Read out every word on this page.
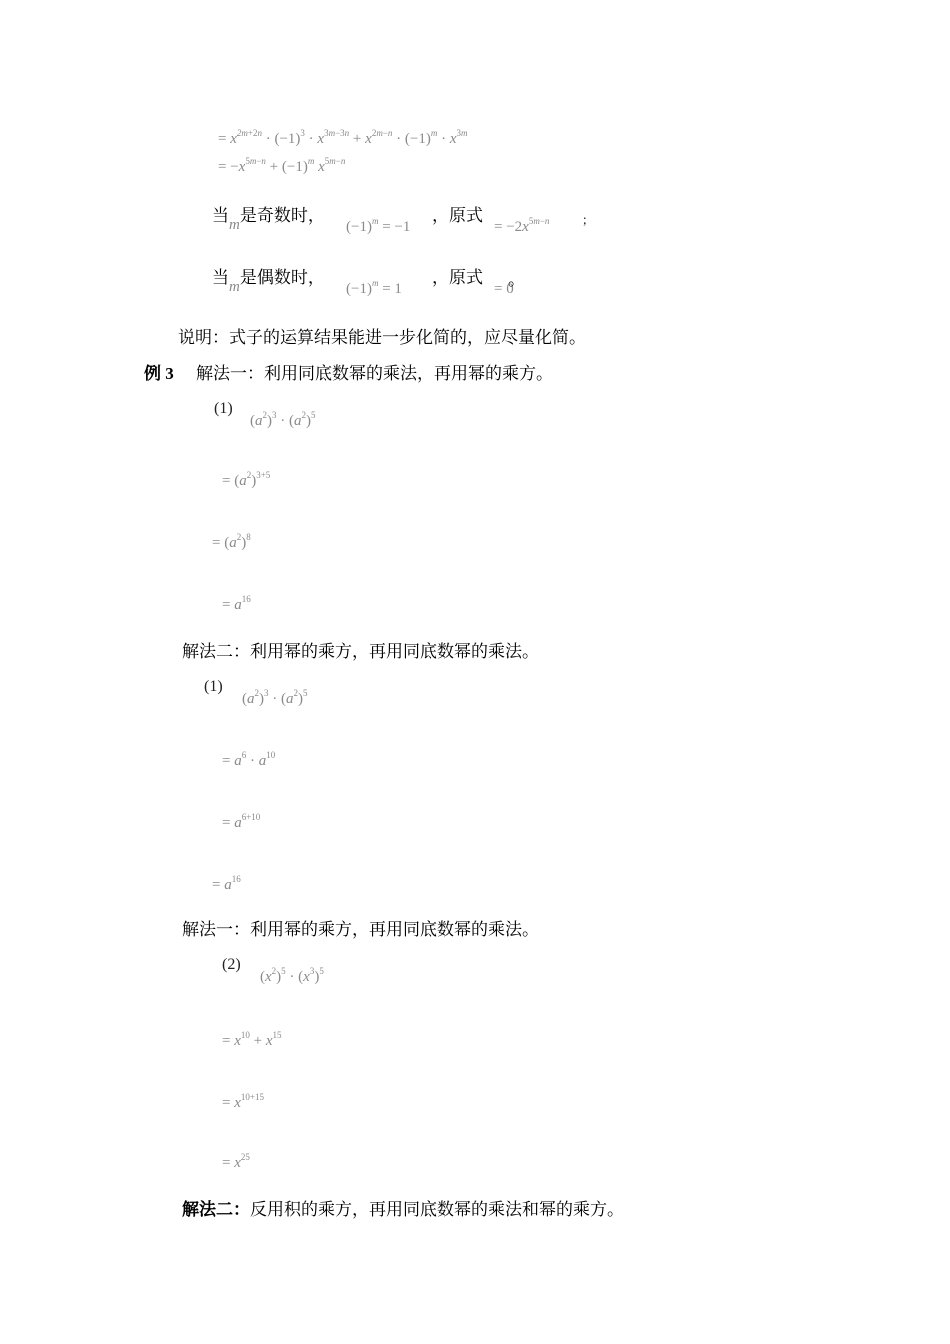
= $x^{2m+2n} \cdot (-1)^3 \cdot x^{3m-3n} + x^{2m-n} \cdot (-1)^m \cdot x^{3m}$
= $-x^{5m-n} + (-1)^m$ $x^{5m-n}$
当m是奇数时，
$(-1)^m = -1$
，原式
= $-2x^{5m-n}$	；
当m是偶数时，
$(-1)^m = 1$
，原式
= 0
。
说明：式子的运算结果能进一步化简的，应尽量化简。
例 3 解法一：利用同底数幂的乘法，再用幂的乘方。
(1)
$(a^2)^3 \cdot (a^2)^5$
= $(a^2)^{3+5}$
= $(a^2)^8$
= $a^{16}$
解法二：利用幂的乘方，再用同底数幂的乘法。
(1)
$(a^2)^3 \cdot (a^2)^5$
= $a^6 \cdot a^{10}$
= $a^{6+10}$
= $a^{16}$
解法一：利用幂的乘方，再用同底数幂的乘法。
(2)
$(x^2)^5 \cdot (x^3)^5$
= $x^{10} + x^{15}$
= $x^{10+15}$
= $x^{25}$
解法二：反用积的乘方，再用同底数幂的乘法和幂的乘方。
